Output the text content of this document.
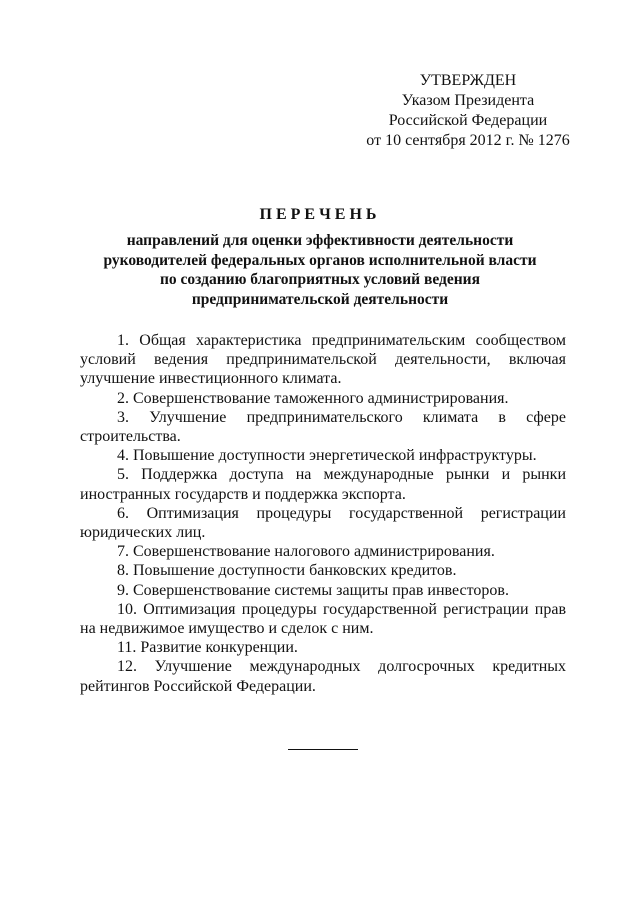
УТВЕРЖДЕН
Указом Президента
Российской Федерации
от 10 сентября 2012 г. № 1276
ПЕРЕЧЕНЬ
направлений для оценки эффективности деятельности
руководителей федеральных органов исполнительной власти
по созданию благоприятных условий ведения
предпринимательской деятельности

1. Общая характеристика предпринимательским сообществом условий ведения предпринимательской деятельности, включая улучшение инвестиционного климата.

2. Совершенствование таможенного администрирования.

3. Улучшение предпринимательского климата в сфере строительства.

4. Повышение доступности энергетической инфраструктуры.

5. Поддержка доступа на международные рынки и рынки иностранных государств и поддержка экспорта.

6. Оптимизация процедуры государственной регистрации юридических лиц.

7. Совершенствование налогового администрирования.

8. Повышение доступности банковских кредитов.

9. Совершенствование системы защиты прав инвесторов.

10. Оптимизация процедуры государственной регистрации прав на недвижимое имущество и сделок с ним.

11. Развитие конкуренции.

12. Улучшение международных долгосрочных кредитных рейтингов Российской Федерации.
